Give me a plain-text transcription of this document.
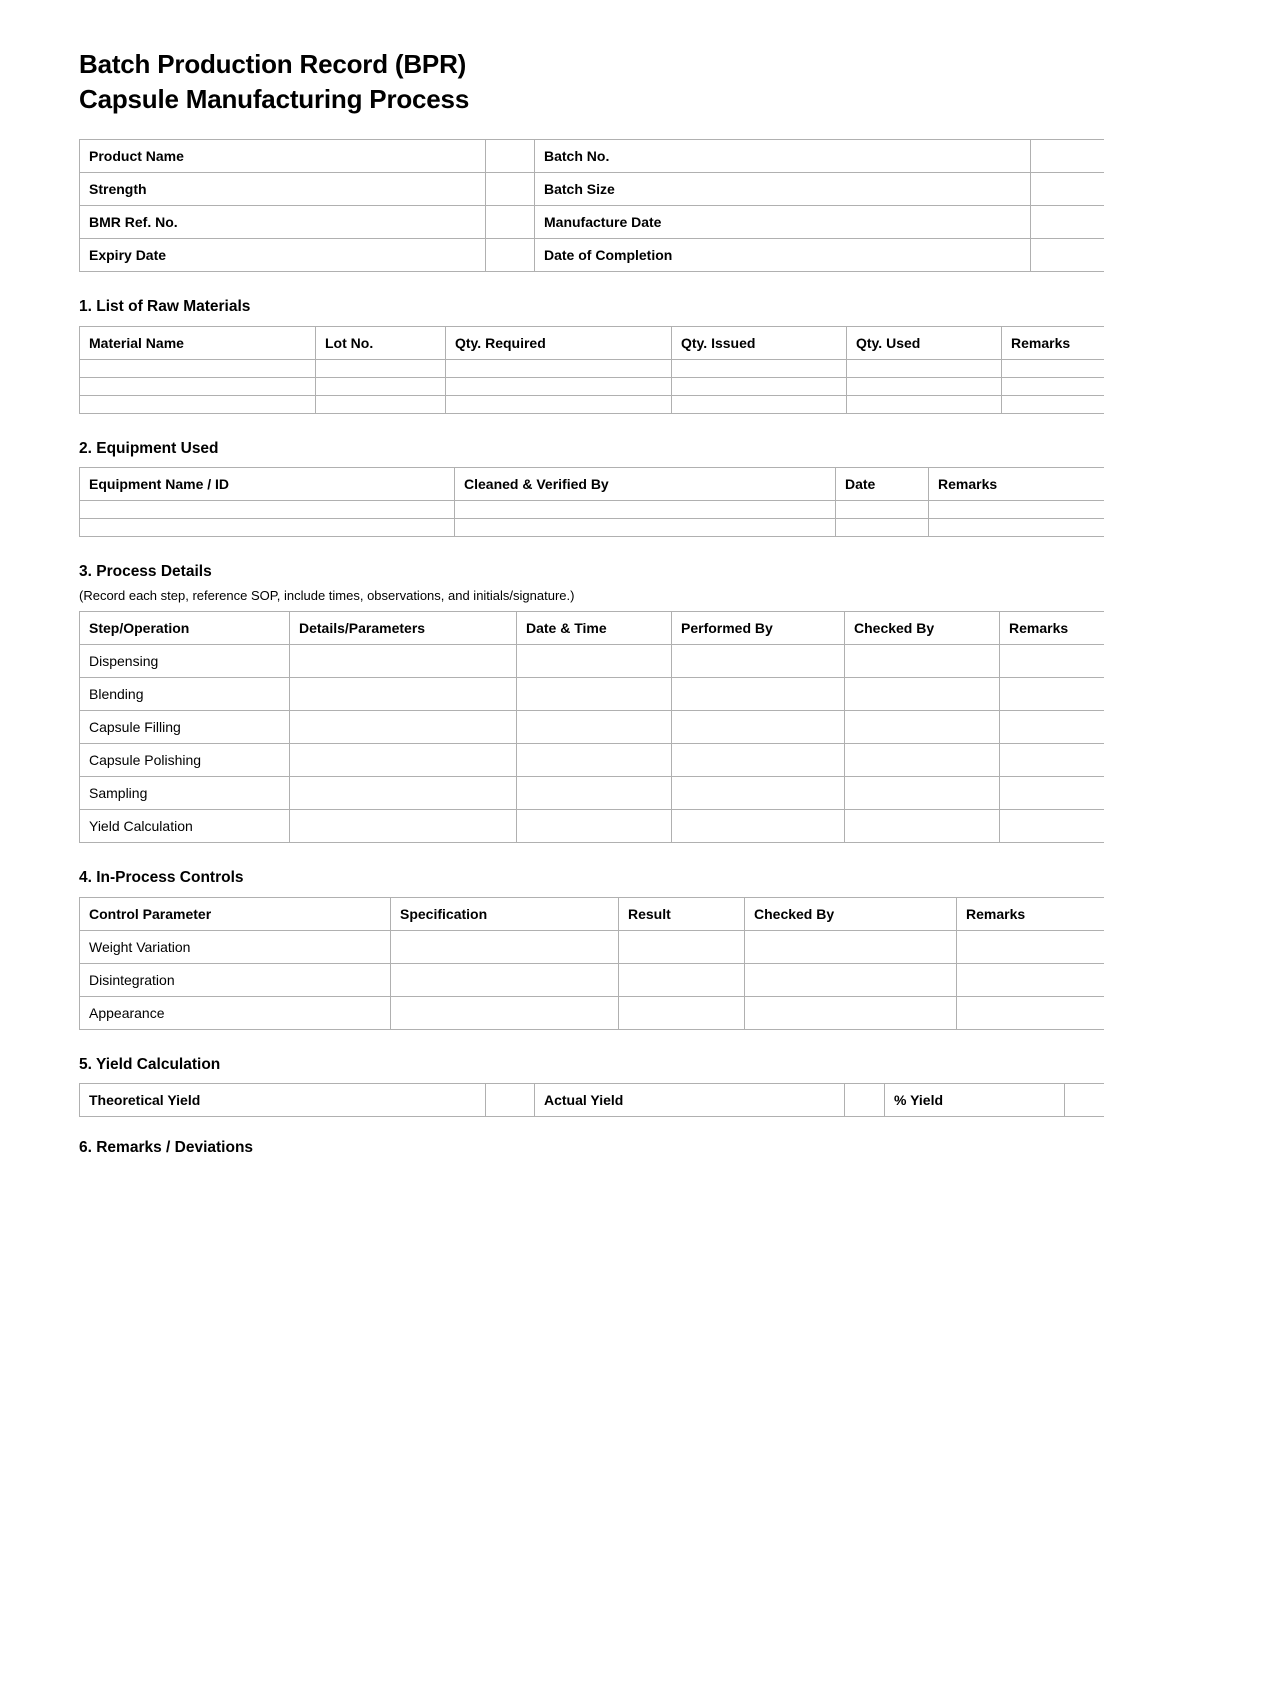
Batch Production Record (BPR)
Capsule Manufacturing Process
Product Name		Batch No.	
Strength		Batch Size	
BMR Ref. No.		Manufacture Date	
Expiry Date		Date of Completion	
1. List of Raw Materials
Material Name	Lot No.	Qty. Required	Qty. Issued	Qty. Used	Remarks

2. Equipment Used
Equipment Name / ID	Cleaned & Verified By	Date	Remarks

3. Process Details
(Record each step, reference SOP, include times, observations, and initials/signature.)
Step/Operation	Details/Parameters	Date & Time	Performed By	Checked By	Remarks
Dispensing					
Blending					
Capsule Filling					
Capsule Polishing					
Sampling					
Yield Calculation					
4. In-Process Controls
Control Parameter	Specification	Result	Checked By	Remarks
Weight Variation				
Disintegration				
Appearance				
5. Yield Calculation
Theoretical Yield		Actual Yield		% Yield	
6. Remarks / Deviations
